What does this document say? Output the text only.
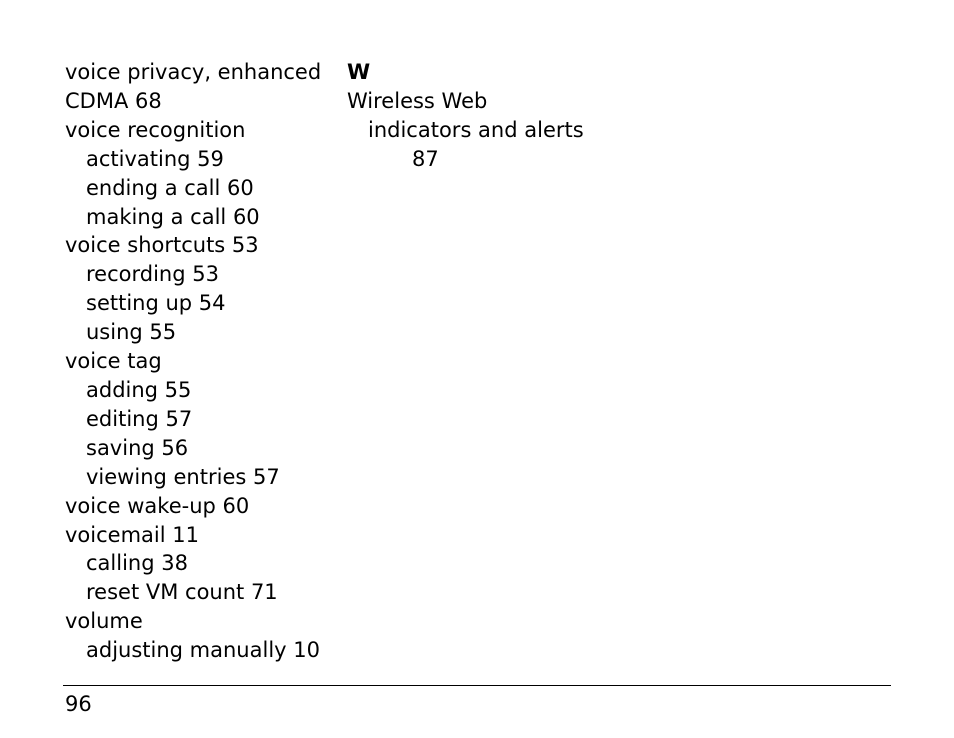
voice privacy, enhanced
CDMA 68
voice recognition
activating 59
ending a call 60
making a call 60
voice shortcuts 53
recording 53
setting up 54
using 55
voice tag
adding 55
editing 57
saving 56
viewing entries 57
voice wake-up 60
voicemail 11
calling 38
reset VM count 71
volume
adjusting manually 10
W
Wireless Web
indicators and alerts
87
96
